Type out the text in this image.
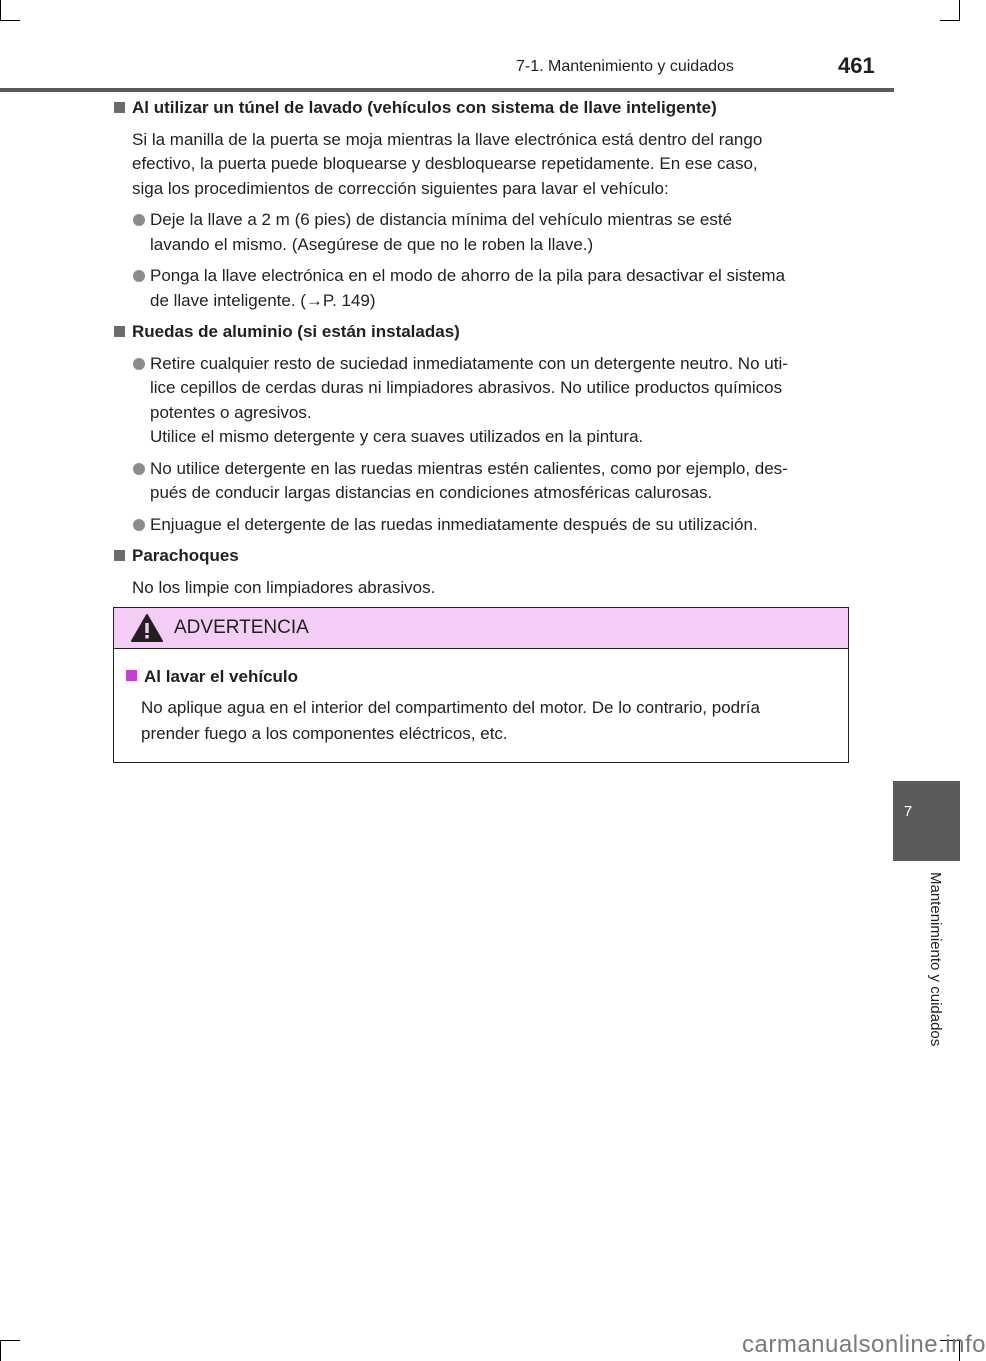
7-1. Mantenimiento y cuidados	461
Al utilizar un túnel de lavado (vehículos con sistema de llave inteligente)
Si la manilla de la puerta se moja mientras la llave electrónica está dentro del rango
efectivo, la puerta puede bloquearse y desbloquearse repetidamente. En ese caso,
siga los procedimientos de corrección siguientes para lavar el vehículo:
Deje la llave a 2 m (6 pies) de distancia mínima del vehículo mientras se esté
lavando el mismo. (Asegúrese de que no le roben la llave.)
Ponga la llave electrónica en el modo de ahorro de la pila para desactivar el sistema
de llave inteligente. (→P. 149)
Ruedas de aluminio (si están instaladas)
Retire cualquier resto de suciedad inmediatamente con un detergente neutro. No uti-
lice cepillos de cerdas duras ni limpiadores abrasivos. No utilice productos químicos
potentes o agresivos.
Utilice el mismo detergente y cera suaves utilizados en la pintura.
No utilice detergente en las ruedas mientras estén calientes, como por ejemplo, des-
pués de conducir largas distancias en condiciones atmosféricas calurosas.
Enjuague el detergente de las ruedas inmediatamente después de su utilización.
Parachoques
No los limpie con limpiadores abrasivos.
ADVERTENCIA
Al lavar el vehículo
No aplique agua en el interior del compartimento del motor. De lo contrario, podría
prender fuego a los componentes eléctricos, etc.
7
Mantenimiento y cuidados
carmanualsonline.info
